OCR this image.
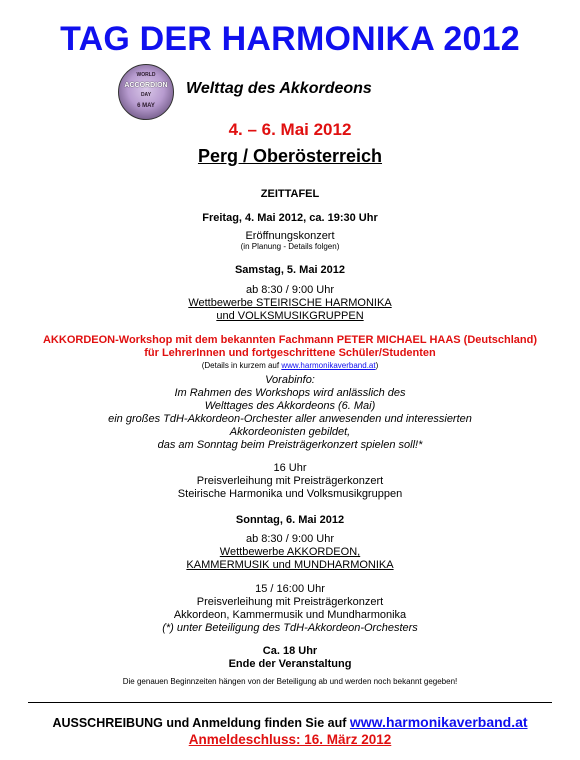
TAG DER HARMONIKA 2012
WORLD
ACCORDION
DAY
6 MAY
Welttag des Akkordeons
4. – 6. Mai 2012
Perg / Oberösterreich
ZEITTAFEL
Freitag, 4. Mai 2012, ca. 19:30 Uhr
Eröffnungskonzert
(in Planung - Details folgen)
Samstag, 5. Mai 2012
ab 8:30 / 9:00 Uhr
Wettbewerbe STEIRISCHE HARMONIKA
und VOLKSMUSIKGRUPPEN
AKKORDEON-Workshop mit dem bekannten Fachmann PETER MICHAEL HAAS (Deutschland)
für LehrerInnen und fortgeschrittene Schüler/Studenten
(Details in kurzem auf www.harmonikaverband.at)
Vorabinfo:
Im Rahmen des Workshops wird anlässlich des
Welttages des Akkordeons (6. Mai)
ein großes TdH-Akkordeon-Orchester aller anwesenden und interessierten
Akkordeonisten gebildet,
das am Sonntag beim Preisträgerkonzert spielen soll!*
16 Uhr
Preisverleihung mit Preisträgerkonzert
Steirische Harmonika und Volksmusikgruppen
Sonntag, 6. Mai 2012
ab 8:30 / 9:00 Uhr
Wettbewerbe AKKORDEON,
KAMMERMUSIK und MUNDHARMONIKA
15 / 16:00 Uhr
Preisverleihung mit Preisträgerkonzert
Akkordeon, Kammermusik und Mundharmonika
(*) unter Beteiligung des TdH-Akkordeon-Orchesters
Ca. 18 Uhr
Ende der Veranstaltung
Die genauen Beginnzeiten hängen von der Beteiligung ab und werden noch bekannt gegeben!
AUSSCHREIBUNG und Anmeldung finden Sie auf www.harmonikaverband.at
Anmeldeschluss: 16. März 2012
